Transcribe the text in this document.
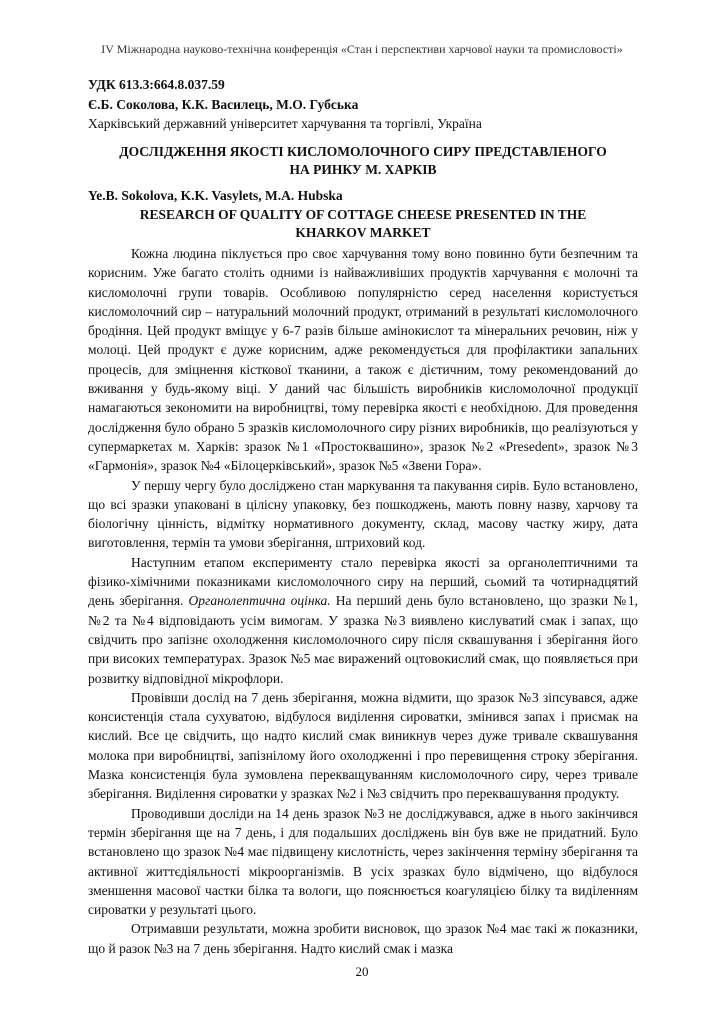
IV Міжнародна науково-технічна конференція «Стан і перспективи харчової науки та промисловості»
УДК 613.3:664.8.037.59
Є.Б. Соколова, К.К. Василець, М.О. Губська
Харківський державний університет харчування та торгівлі, Україна
ДОСЛІДЖЕННЯ ЯКОСТІ КИСЛОМОЛОЧНОГО СИРУ ПРЕДСТАВЛЕНОГО
НА РИНКУ М. ХАРКІВ
Ye.B. Sokolova, K.K. Vasylets, M.A. Hubska
RESEARCH OF QUALITY OF COTTAGE CHEESE PRESENTED IN THE
KHARKOV MARKET

Кожна людина піклується про своє харчування тому воно повинно бути безпечним та корисним. Уже багато століть одними із найважливіших продуктів харчування є молочні та кисломолочні групи товарів. Особливою популярністю серед населення користується кисломолочний сир – натуральний молочний продукт, отриманий в результаті кисломолочного бродіння. Цей продукт вміщує у 6-7 разів більше амінокислот та мінеральних речовин, ніж у молоці. Цей продукт є дуже корисним, адже рекомендується для профілактики запальних процесів, для зміцнення кісткової тканини, а також є дієтичним, тому рекомендований до вживання у будь-якому віці. У даний час більшість виробників кисломолочної продукції намагаються зекономити на виробництві, тому перевірка якості є необхідною. Для проведення дослідження було обрано 5 зразків кисломолочного сиру різних виробників, що реалізуються у супермаркетах м. Харків: зразок №1 «Простоквашино», зразок №2 «Presedent», зразок №3 «Гармонія», зразок №4 «Білоцерківський», зразок №5 «Звени Гора».

У першу чергу було досліджено стан маркування та пакування сирів. Було встановлено, що всі зразки упаковані в цілісну упаковку, без пошкоджень, мають повну назву, харчову та біологічну цінність, відмітку нормативного документу, склад, масову частку жиру, дата виготовлення, термін та умови зберігання, штриховий код.

Наступним етапом експерименту стало перевірка якості за органолептичними та фізико-хімічними показниками кисломолочного сиру на перший, сьомий та чотирнадцятий день зберігання. Органолептична оцінка. На перший день було встановлено, що зразки №1, №2 та №4 відповідають усім вимогам. У зразка №3 виявлено кислуватий смак і запах, що свідчить про запізнє охолодження кисломолочного сиру після сквашування і зберігання його при високих температурах. Зразок №5 має виражений оцтовокислий смак, що появляється при розвитку відповідної мікрофлори.

Провівши дослід на 7 день зберігання, можна відмити, що зразок №3 зіпсувався, адже консистенція стала сухуватою, відбулося виділення сироватки, змінився запах і присмак на кислий. Все це свідчить, що надто кислий смак виникнув через дуже тривале сквашування молока при виробництві, запізнілому його охолодженні і про перевищення строку зберігання. Мазка консистенція була зумовлена перекващуванням кисломолочного сиру, через тривале зберігання. Виділення сироватки у зразках №2 і №3 свідчить про переквашування продукту.

Проводивши досліди на 14 день зразок №3 не досліджувався, адже в нього закінчився термін зберігання ще на 7 день, і для подальших досліджень він був вже не придатний. Було встановлено що зразок №4 має підвищену кислотність, через закінчення терміну зберігання та активної життєдіяльності мікроорганізмів. В усіх зразках було відмічено, що відбулося зменшення масової частки білка та вологи, що пояснюється коагуляцією білку та виділенням сироватки у результаті цього.

Отримавши результати, можна зробити висновок, що зразок №4 має такі ж показники, що й разок №3 на 7 день зберігання. Надто кислий смак і мазка

20
